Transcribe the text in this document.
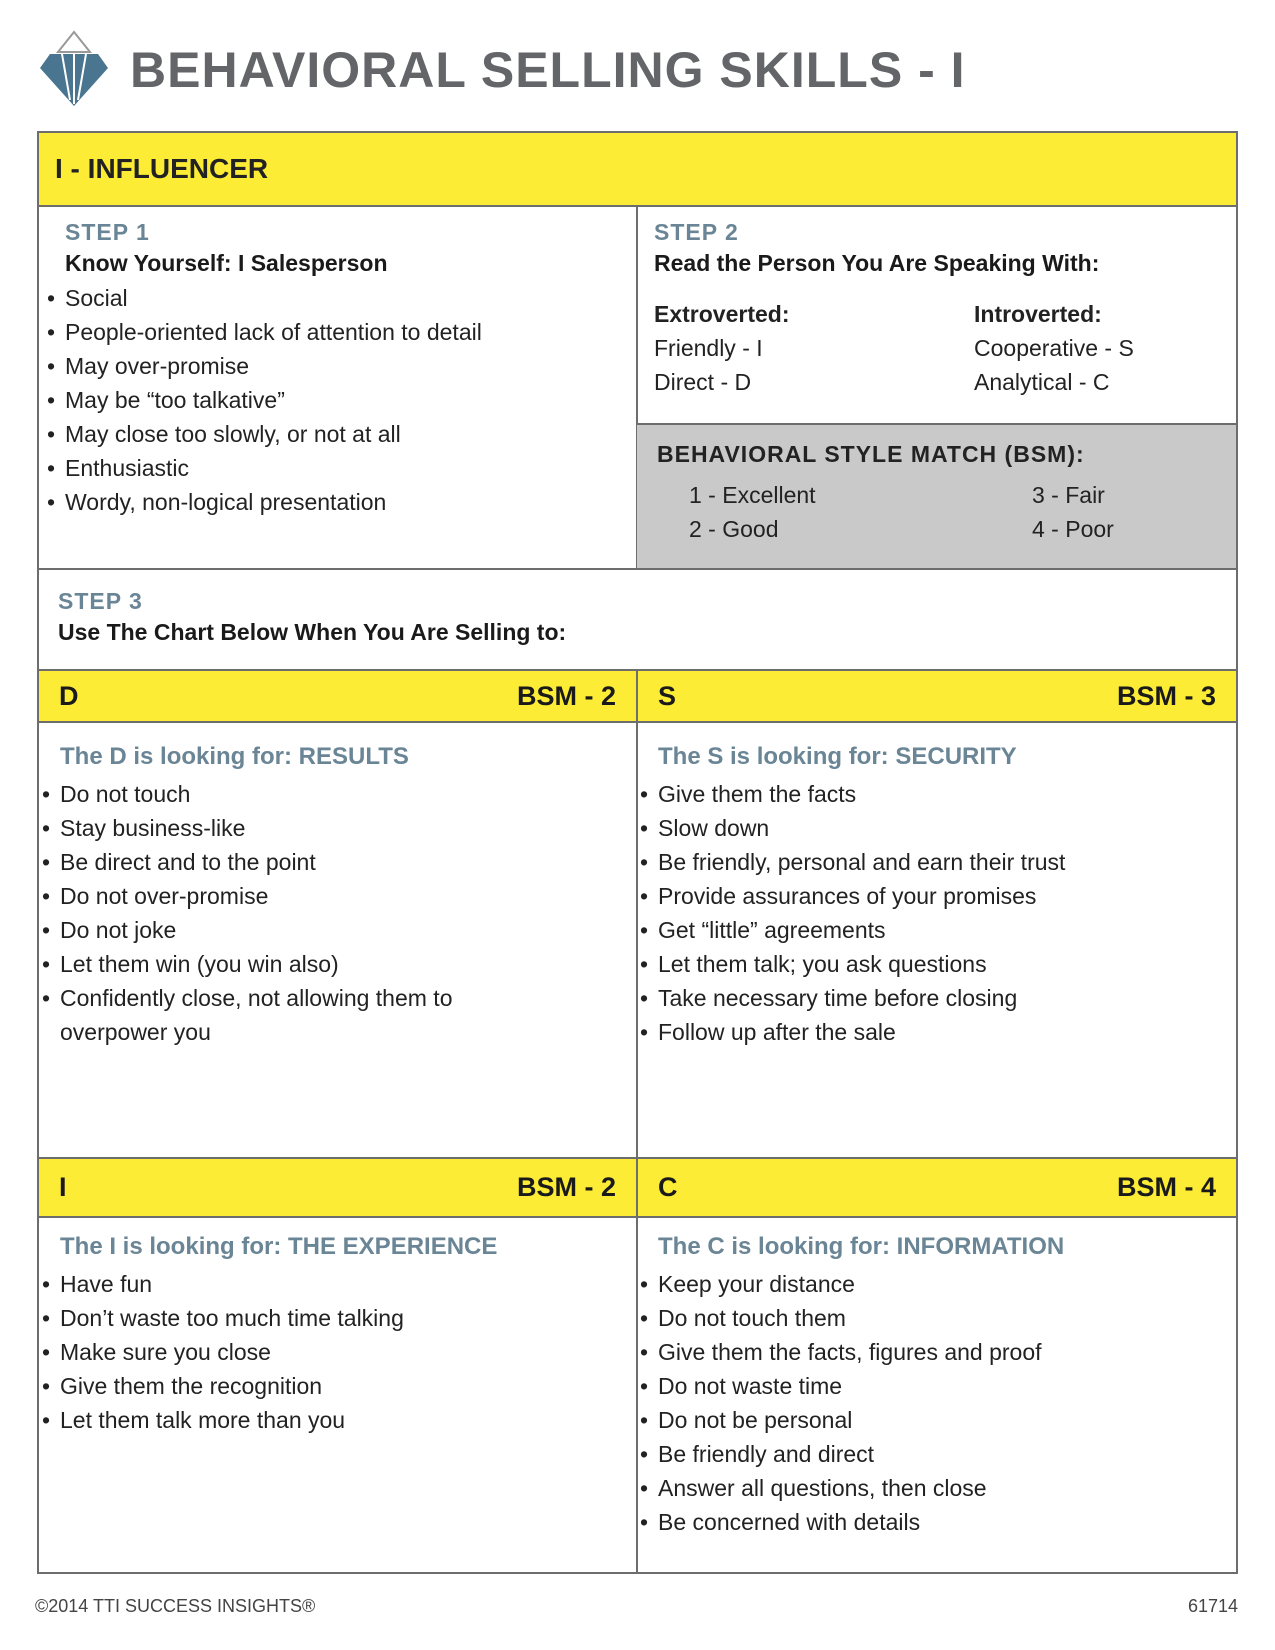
BEHAVIORAL SELLING SKILLS - I
I - INFLUENCER
STEP 1
Know Yourself: I Salesperson
• Social
• People-oriented lack of attention to detail
• May over-promise
• May be “too talkative”
• May close too slowly, or not at all
• Enthusiastic
• Wordy, non-logical presentation
STEP 2
Read the Person You Are Speaking With:
Extroverted:
Friendly - I
Direct - D
Introverted:
Cooperative - S
Analytical - C
BEHAVIORAL STYLE MATCH (BSM):
1 - Excellent
2 - Good
3 - Fair
4 - Poor
STEP 3
Use The Chart Below When You Are Selling to:
D	BSM - 2 S	BSM - 3
The D is looking for: RESULTS
• Do not touch
• Stay business-like
• Be direct and to the point
• Do not over-promise
• Do not joke
• Let them win (you win also)
• Confidently close, not allowing them to overpower you
The S is looking for: SECURITY
• Give them the facts
• Slow down
• Be friendly, personal and earn their trust
• Provide assurances of your promises
• Get “little” agreements
• Let them talk; you ask questions
• Take necessary time before closing
• Follow up after the sale
I	BSM - 2 C	BSM - 4
The I is looking for: THE EXPERIENCE
• Have fun
• Don’t waste too much time talking
• Make sure you close
• Give them the recognition
• Let them talk more than you
The C is looking for: INFORMATION
• Keep your distance
• Do not touch them
• Give them the facts, figures and proof
• Do not waste time
• Do not be personal
• Be friendly and direct
• Answer all questions, then close
• Be concerned with details
©2014 TTI SUCCESS INSIGHTS®	61714
